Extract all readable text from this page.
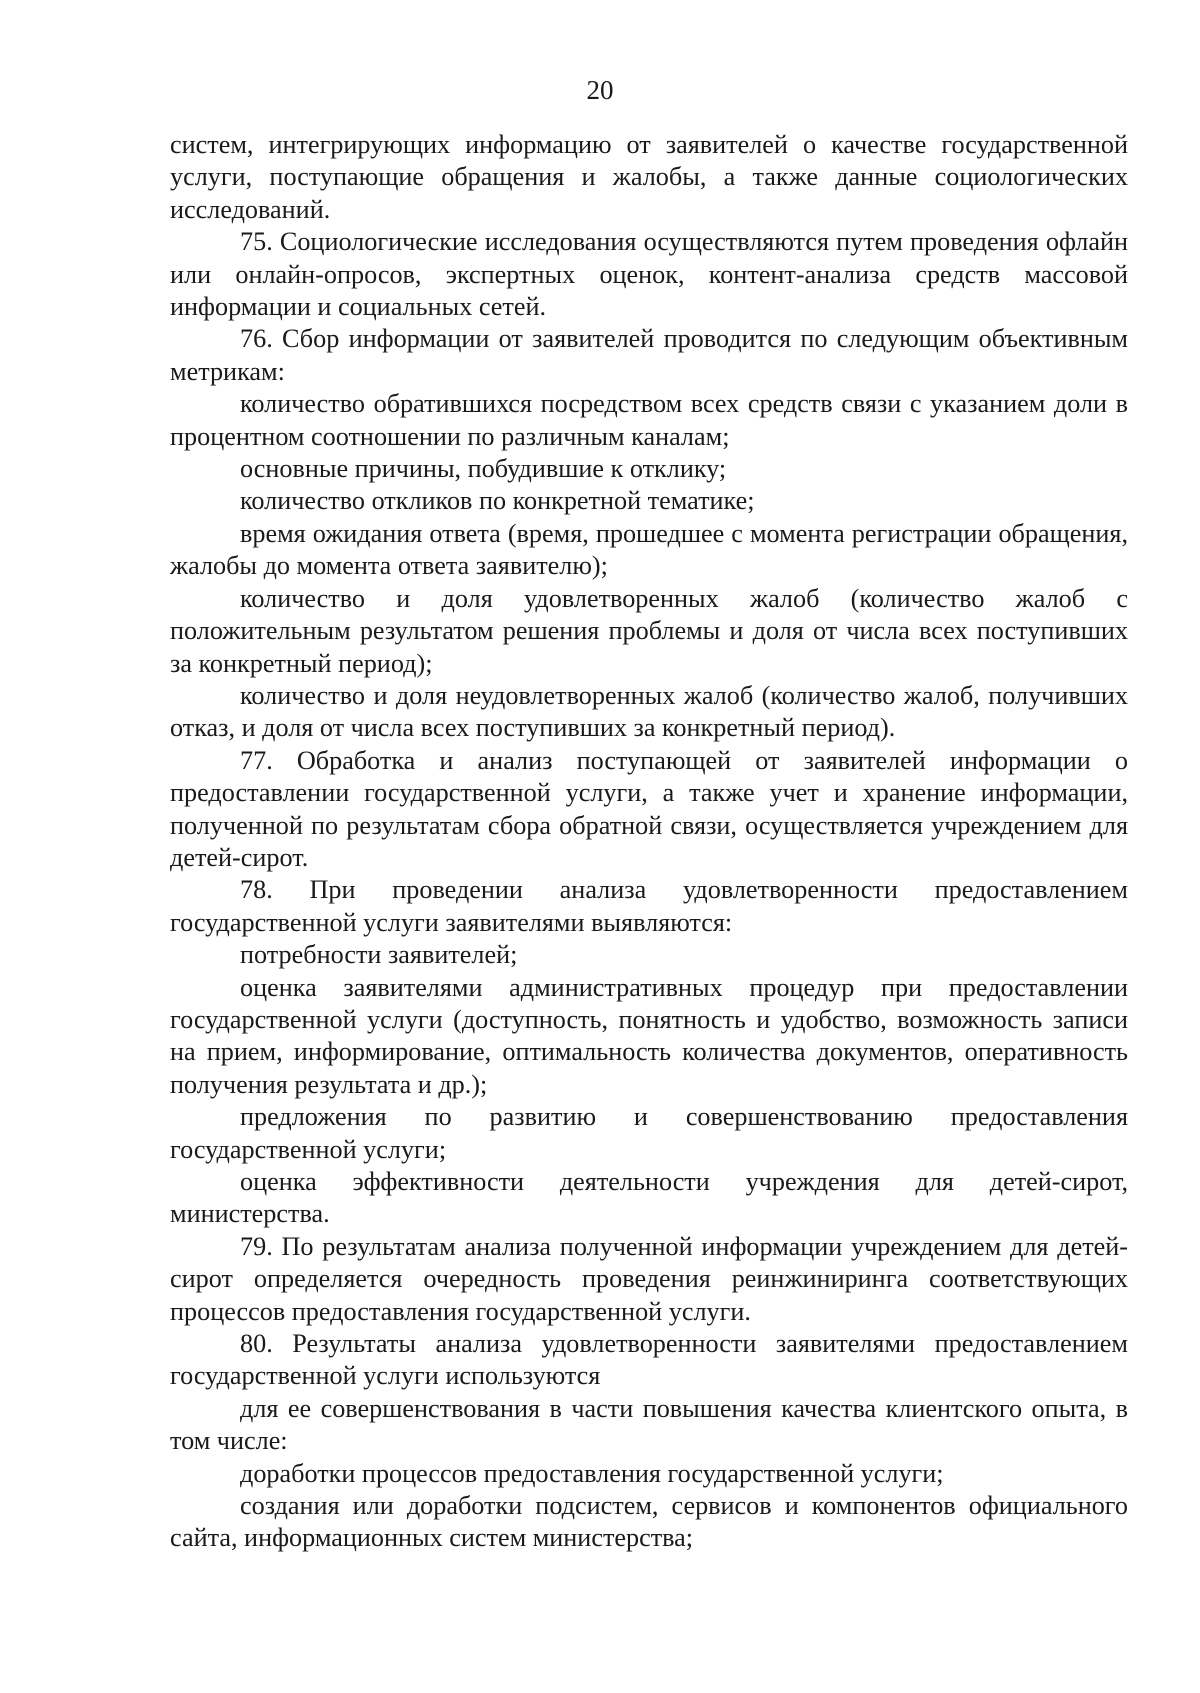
20

систем, интегрирующих информацию от заявителей о качестве государственной услуги, поступающие обращения и жалобы, а также данные социологических исследований.

75. Социологические исследования осуществляются путем проведения офлайн или онлайн-опросов, экспертных оценок, контент-анализа средств массовой информации и социальных сетей.

76. Сбор информации от заявителей проводится по следующим объективным метрикам:

количество обратившихся посредством всех средств связи с указанием доли в процентном соотношении по различным каналам;

основные причины, побудившие к отклику;

количество откликов по конкретной тематике;

время ожидания ответа (время, прошедшее с момента регистрации обращения, жалобы до момента ответа заявителю);

количество и доля удовлетворенных жалоб (количество жалоб с положительным результатом решения проблемы и доля от числа всех поступивших за конкретный период);

количество и доля неудовлетворенных жалоб (количество жалоб, получивших отказ, и доля от числа всех поступивших за конкретный период).

77. Обработка и анализ поступающей от заявителей информации о предоставлении государственной услуги, а также учет и хранение информации, полученной по результатам сбора обратной связи, осуществляется учреждением для детей-сирот.

78. При проведении анализа удовлетворенности предоставлением государственной услуги заявителями выявляются:

потребности заявителей;

оценка заявителями административных процедур при предоставлении государственной услуги (доступность, понятность и удобство, возможность записи на прием, информирование, оптимальность количества документов, оперативность получения результата и др.);

предложения по развитию и совершенствованию предоставления государственной услуги;

оценка эффективности деятельности учреждения для детей-сирот, министерства.

79. По результатам анализа полученной информации учреждением для детей-сирот определяется очередность проведения реинжиниринга соответствующих процессов предоставления государственной услуги.

80. Результаты анализа удовлетворенности заявителями предоставлением государственной услуги используются

для ее совершенствования в части повышения качества клиентского опыта, в том числе:

доработки процессов предоставления государственной услуги;

создания или доработки подсистем, сервисов и компонентов официального сайта, информационных систем министерства;
